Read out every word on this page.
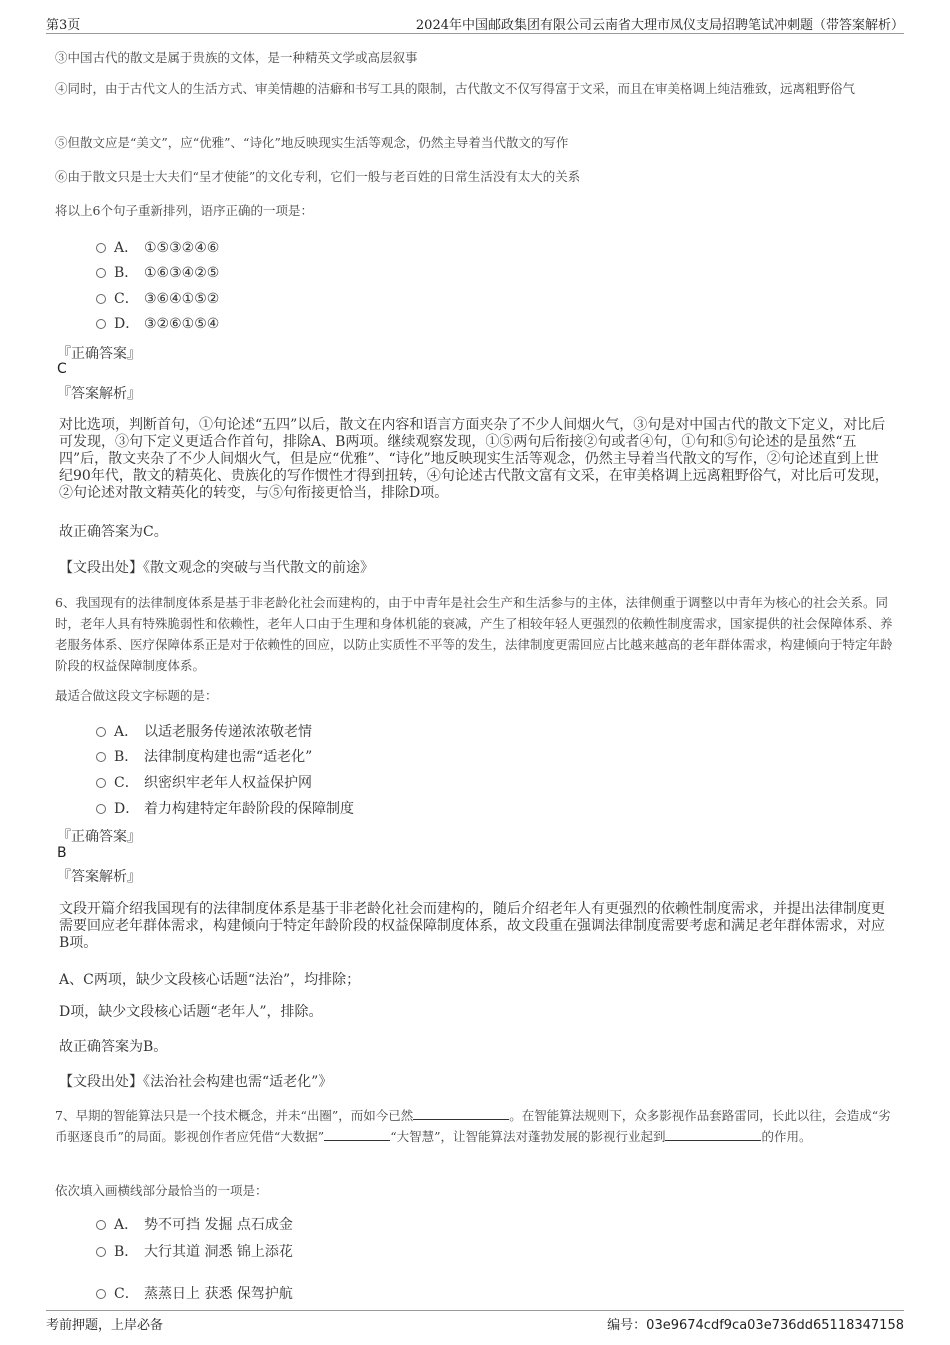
第3页	2024年中国邮政集团有限公司云南省大理市凤仪支局招聘笔试冲刺题（带答案解析）
③中国古代的散文是属于贵族的文体，是一种精英文学或高层叙事
④同时，由于古代文人的生活方式、审美情趣的洁癖和书写工具的限制，古代散文不仅写得富于文采，而且在审美格调上纯洁雅致，远离粗野俗气
⑤但散文应是“美文”，应“优雅”、“诗化”地反映现实生活等观念，仍然主导着当代散文的写作
⑥由于散文只是士大夫们“呈才使能”的文化专利，它们一般与老百姓的日常生活没有太大的关系
将以上6个句子重新排列，语序正确的一项是：
A． ①⑤③②④⑥
B． ①⑥③④②⑤
C． ③⑥④①⑤②
D． ③②⑥①⑤④
『正确答案』
C
『答案解析』
对比选项，判断首句，①句论述“五四”以后，散文在内容和语言方面夹杂了不少人间烟火气，③句是对中国古代的散文下定义，对比后可发现，③句下定义更适合作首句，排除A、B两项。继续观察发现，①⑤两句后衔接②句或者④句，①句和⑤句论述的是虽然“五四”后，散文夹杂了不少人间烟火气，但是应“优雅”、“诗化”地反映现实生活等观念，仍然主导着当代散文的写作，②句论述直到上世纪90年代，散文的精英化、贵族化的写作惯性才得到扭转，④句论述古代散文富有文采，在审美格调上远离粗野俗气，对比后可发现，②句论述对散文精英化的转变，与⑤句衔接更恰当，排除D项。
故正确答案为C。
【文段出处】《散文观念的突破与当代散文的前途》
6、我国现有的法律制度体系是基于非老龄化社会而建构的，由于中青年是社会生产和生活参与的主体，法律侧重于调整以中青年为核心的社会关系。同时，老年人具有特殊脆弱性和依赖性，老年人口由于生理和身体机能的衰减，产生了相较年轻人更强烈的依赖性制度需求，国家提供的社会保障体系、养老服务体系、医疗保障体系正是对于依赖性的回应，以防止实质性不平等的发生，法律制度更需回应占比越来越高的老年群体需求，构建倾向于特定年龄阶段的权益保障制度体系。
最适合做这段文字标题的是：
A． 以适老服务传递浓浓敬老情
B． 法律制度构建也需“适老化”
C． 织密织牢老年人权益保护网
D． 着力构建特定年龄阶段的保障制度
『正确答案』
B
『答案解析』
文段开篇介绍我国现有的法律制度体系是基于非老龄化社会而建构的，随后介绍老年人有更强烈的依赖性制度需求，并提出法律制度更需要回应老年群体需求，构建倾向于特定年龄阶段的权益保障制度体系，故文段重在强调法律制度需要考虑和满足老年群体需求，对应B项。
A、C两项，缺少文段核心话题“法治”，均排除；
D项，缺少文段核心话题“老年人”，排除。
故正确答案为B。
【文段出处】《法治社会构建也需“适老化”》
7、早期的智能算法只是一个技术概念，并未“出圈”，而如今已然	。在智能算法规则下，众多影视作品套路雷同，长此以往，会造成“劣币驱逐良币”的局面。影视创作者应凭借“大数据”	“大智慧”，让智能算法对蓬勃发展的影视行业起到	的作用。
依次填入画横线部分最恰当的一项是：
A． 势不可挡 发掘 点石成金
B． 大行其道 洞悉 锦上添花
C． 蒸蒸日上 获悉 保驾护航
考前押题，上岸必备	编号：03e9674cdf9ca03e736dd65118347158
